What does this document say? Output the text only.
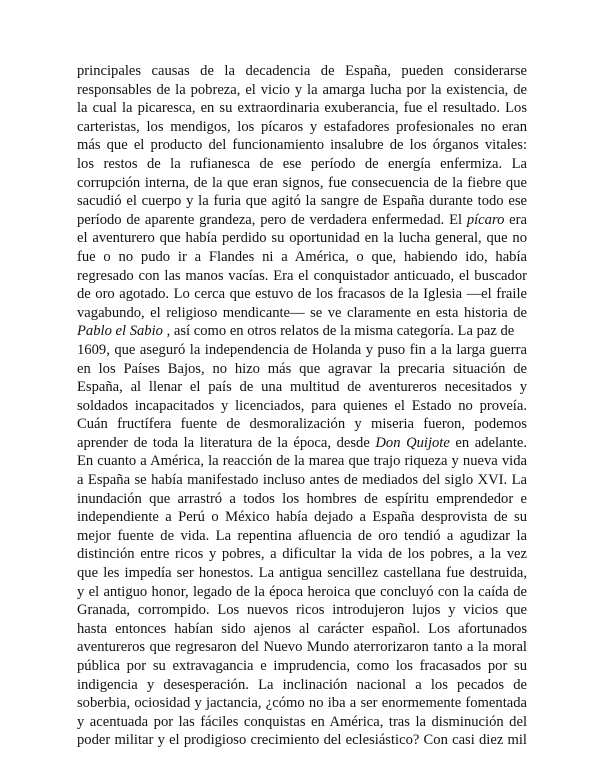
principales causas de la decadencia de España, pueden considerarse
responsables de la pobreza, el vicio y la amarga lucha por la existencia, de
la cual la picaresca, en su extraordinaria exuberancia, fue el resultado. Los
carteristas, los mendigos, los pícaros y estafadores profesionales no eran
más que el producto del funcionamiento insalubre de los órganos vitales:
los restos de la rufianesca de ese período de energía enfermiza. La
corrupción interna, de la que eran signos, fue consecuencia de la fiebre que
sacudió el cuerpo y la furia que agitó la sangre de España durante todo ese
período de aparente grandeza, pero de verdadera enfermedad. El pícaro era
el aventurero que había perdido su oportunidad en la lucha general, que no
fue o no pudo ir a Flandes ni a América, o que, habiendo ido, había
regresado con las manos vacías. Era el conquistador anticuado, el buscador
de oro agotado. Lo cerca que estuvo de los fracasos de la Iglesia —el fraile
vagabundo, el religioso mendicante— se ve claramente en esta historia de
Pablo el Sabio , así como en otros relatos de la misma categoría. La paz de
1609, que aseguró la independencia de Holanda y puso fin a la larga guerra
en los Países Bajos, no hizo más que agravar la precaria situación de
España, al llenar el país de una multitud de aventureros necesitados y
soldados incapacitados y licenciados, para quienes el Estado no proveía.
Cuán fructífera fuente de desmoralización y miseria fueron, podemos
aprender de toda la literatura de la época, desde Don Quijote en adelante.
En cuanto a América, la reacción de la marea que trajo riqueza y nueva vida
a España se había manifestado incluso antes de mediados del siglo XVI. La
inundación que arrastró a todos los hombres de espíritu emprendedor e
independiente a Perú o México había dejado a España desprovista de su
mejor fuente de vida. La repentina afluencia de oro tendió a agudizar la
distinción entre ricos y pobres, a dificultar la vida de los pobres, a la vez
que les impedía ser honestos. La antigua sencillez castellana fue destruida,
y el antiguo honor, legado de la época heroica que concluyó con la caída de
Granada, corrompido. Los nuevos ricos introdujeron lujos y vicios que
hasta entonces habían sido ajenos al carácter español. Los afortunados
aventureros que regresaron del Nuevo Mundo aterrorizaron tanto a la moral
pública por su extravagancia e imprudencia, como los fracasados por su
indigencia y desesperación. La inclinación nacional a los pecados de
soberbia, ociosidad y jactancia, ¿cómo no iba a ser enormemente fomentada
y acentuada por las fáciles conquistas en América, tras la disminución del
poder militar y el prodigioso crecimiento del eclesiástico? Con casi diez mil
